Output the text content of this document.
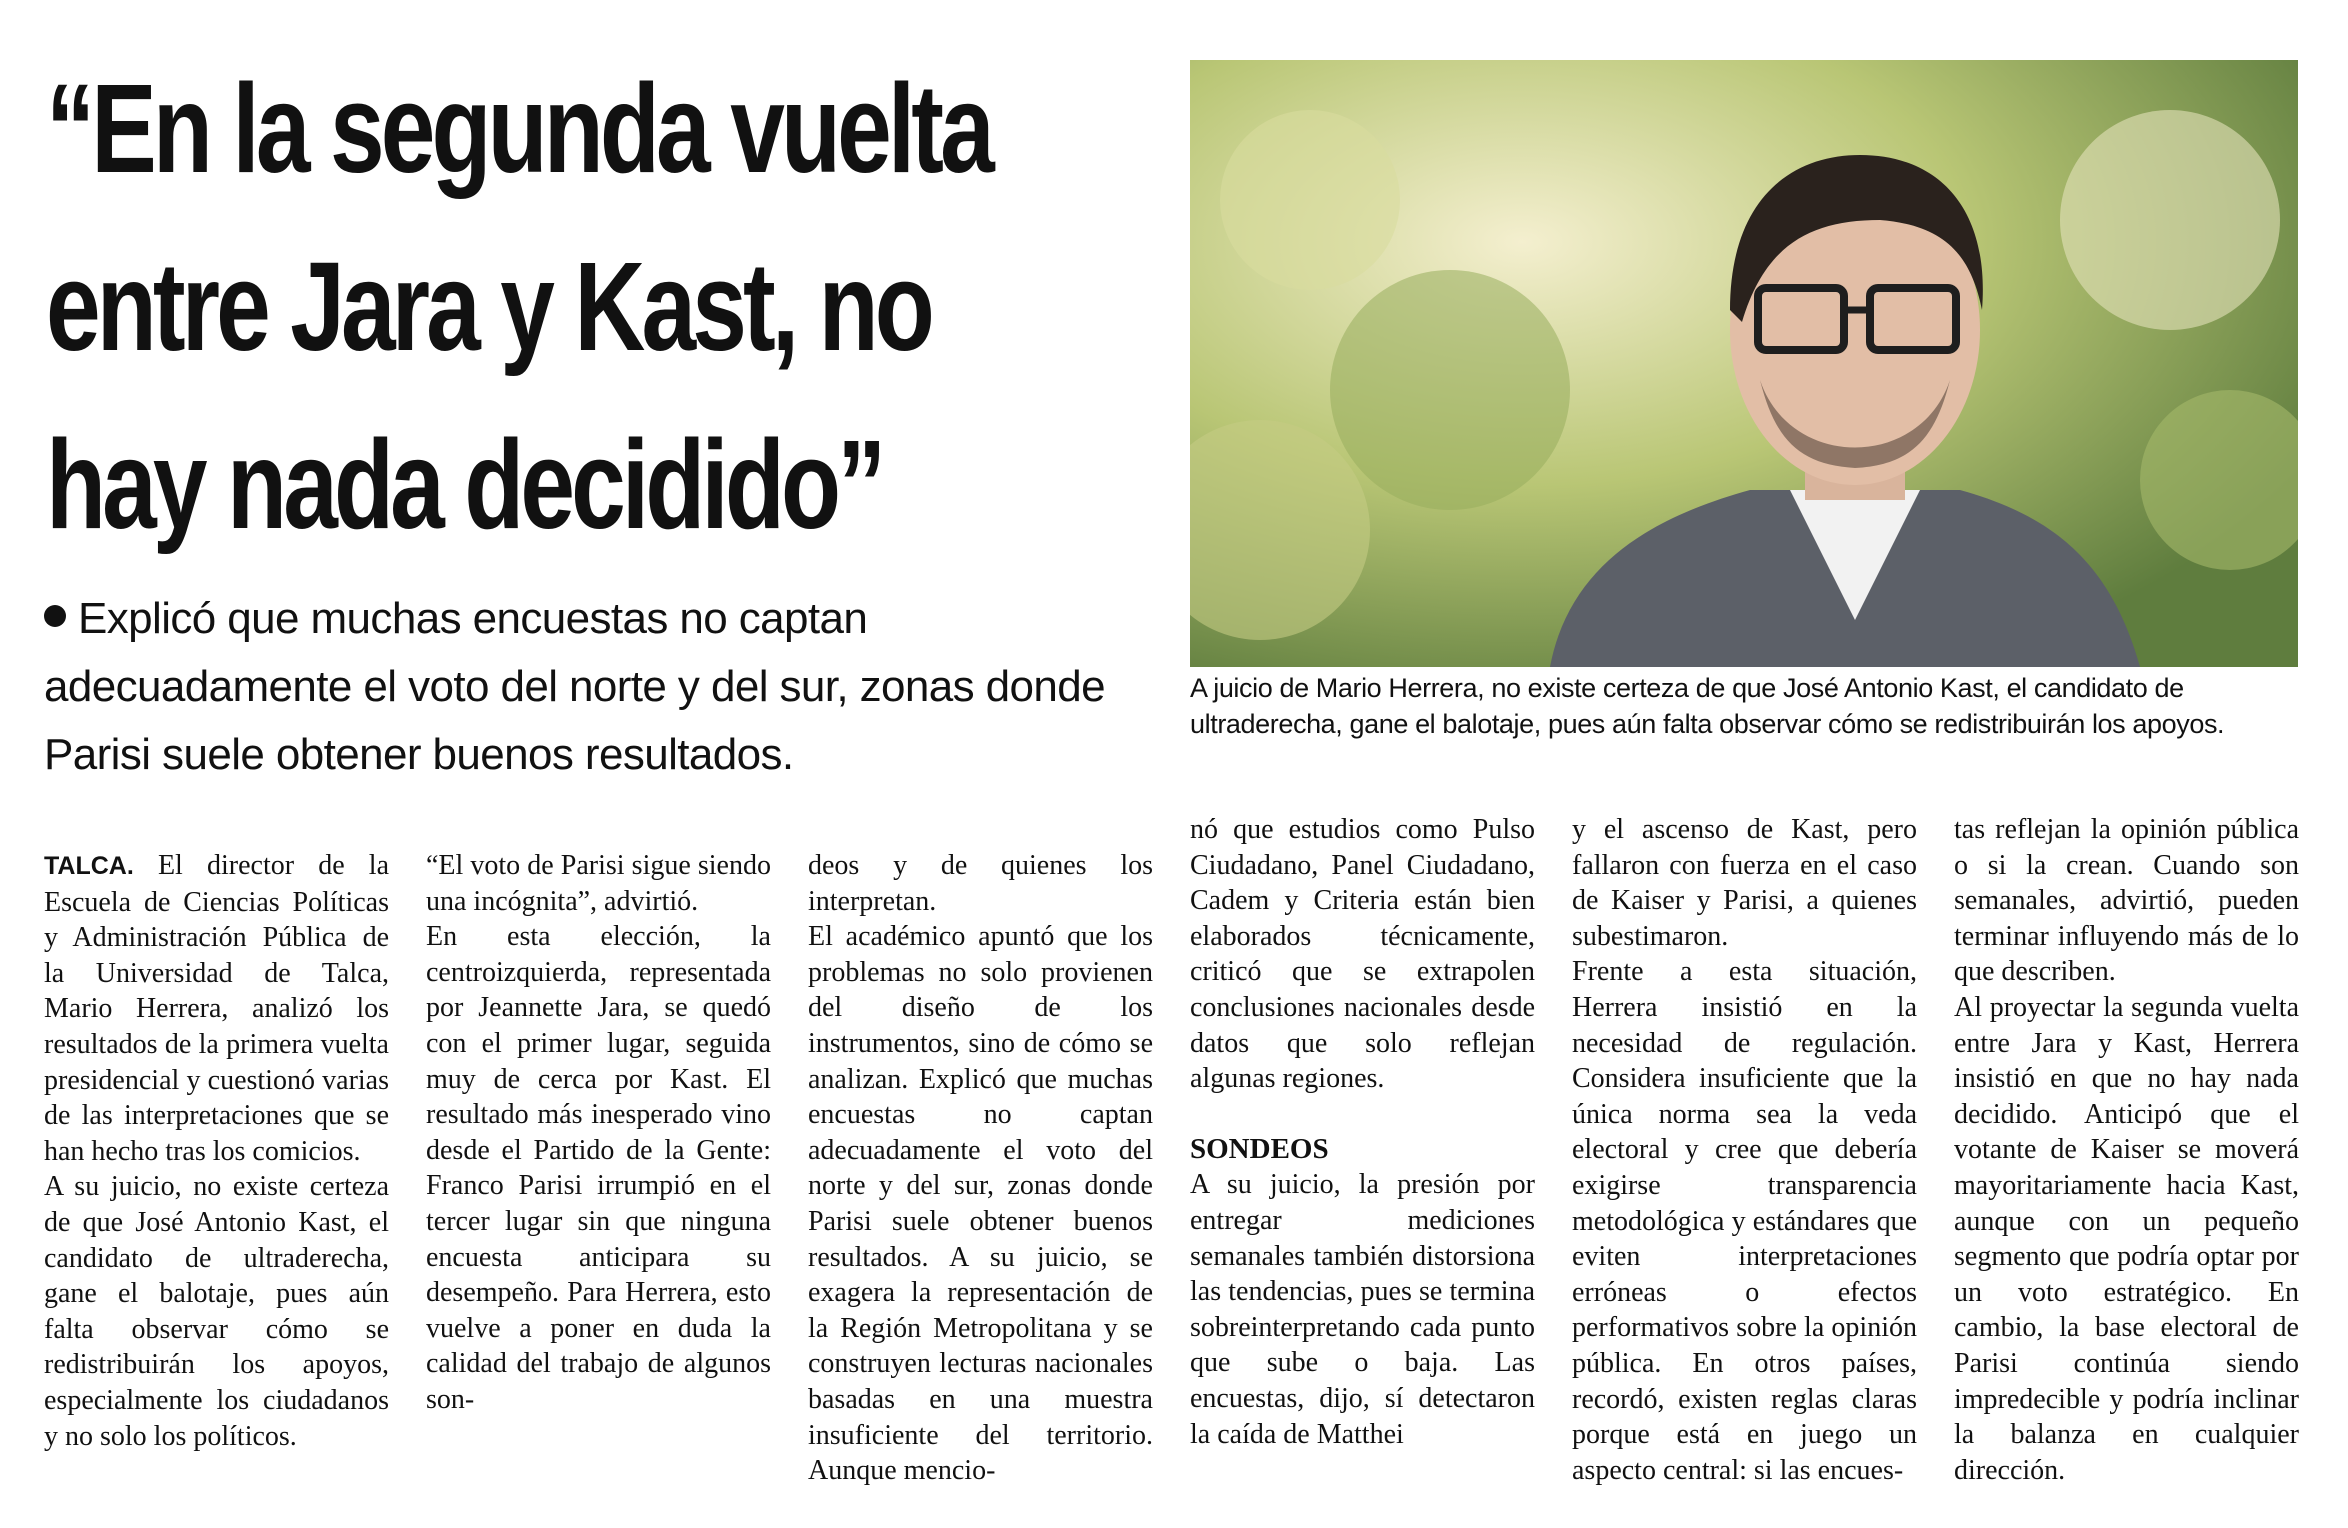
“En la segunda vuelta
entre Jara y Kast, no
hay nada decidido”

Explicó que muchas encuestas no captan adecuadamente el voto del norte y del sur, zonas donde Parisi suele obtener buenos resultados.

A juicio de Mario Herrera, no existe certeza de que José Antonio Kast, el candidato de ultraderecha, gane el balotaje, pues aún falta observar cómo se redistribuirán los apoyos.

TALCA. El director de la Escuela de Ciencias Políticas y Administración Pública de la Universidad de Talca, Mario Herrera, analizó los resultados de la primera vuelta presidencial y cuestionó varias de las interpretaciones que se han hecho tras los comicios.

A su juicio, no existe certeza de que José Antonio Kast, el candidato de ultraderecha, gane el balotaje, pues aún falta observar cómo se redistribuirán los apoyos, especialmente los ciudadanos y no solo los políticos.

“El voto de Parisi sigue siendo una incógnita”, advirtió.

En esta elección, la centroizquierda, representada por Jeannette Jara, se quedó con el primer lugar, seguida muy de cerca por Kast. El resultado más inesperado vino desde el Partido de la Gente: Franco Parisi irrumpió en el tercer lugar sin que ninguna encuesta anticipara su desempeño. Para Herrera, esto vuelve a poner en duda la calidad del trabajo de algunos son-

deos y de quienes los interpretan.

El académico apuntó que los problemas no solo provienen del diseño de los instrumentos, sino de cómo se analizan. Explicó que muchas encuestas no captan adecuadamente el voto del norte y del sur, zonas donde Parisi suele obtener buenos resultados. A su juicio, se exagera la representación de la Región Metropolitana y se construyen lecturas nacionales basadas en una muestra insuficiente del territorio. Aunque mencio-

nó que estudios como Pulso Ciudadano, Panel Ciudadano, Cadem y Criteria están bien elaborados técnicamente, criticó que se extrapolen conclusiones nacionales desde datos que solo reflejan algunas regiones.

SONDEOS

A su juicio, la presión por entregar mediciones semanales también distorsiona las tendencias, pues se termina sobreinterpretando cada punto que sube o baja. Las encuestas, dijo, sí detectaron la caída de Matthei

y el ascenso de Kast, pero fallaron con fuerza en el caso de Kaiser y Parisi, a quienes subestimaron.

Frente a esta situación, Herrera insistió en la necesidad de regulación. Considera insuficiente que la única norma sea la veda electoral y cree que debería exigirse transparencia metodológica y estándares que eviten interpretaciones erróneas o efectos performativos sobre la opinión pública. En otros países, recordó, existen reglas claras porque está en juego un aspecto central: si las encues-

tas reflejan la opinión pública o si la crean. Cuando son semanales, advirtió, pueden terminar influyendo más de lo que describen.

Al proyectar la segunda vuelta entre Jara y Kast, Herrera insistió en que no hay nada decidido. Anticipó que el votante de Kaiser se moverá mayoritariamente hacia Kast, aunque con un pequeño segmento que podría optar por un voto estratégico. En cambio, la base electoral de Parisi continúa siendo impredecible y podría inclinar la balanza en cualquier dirección.
